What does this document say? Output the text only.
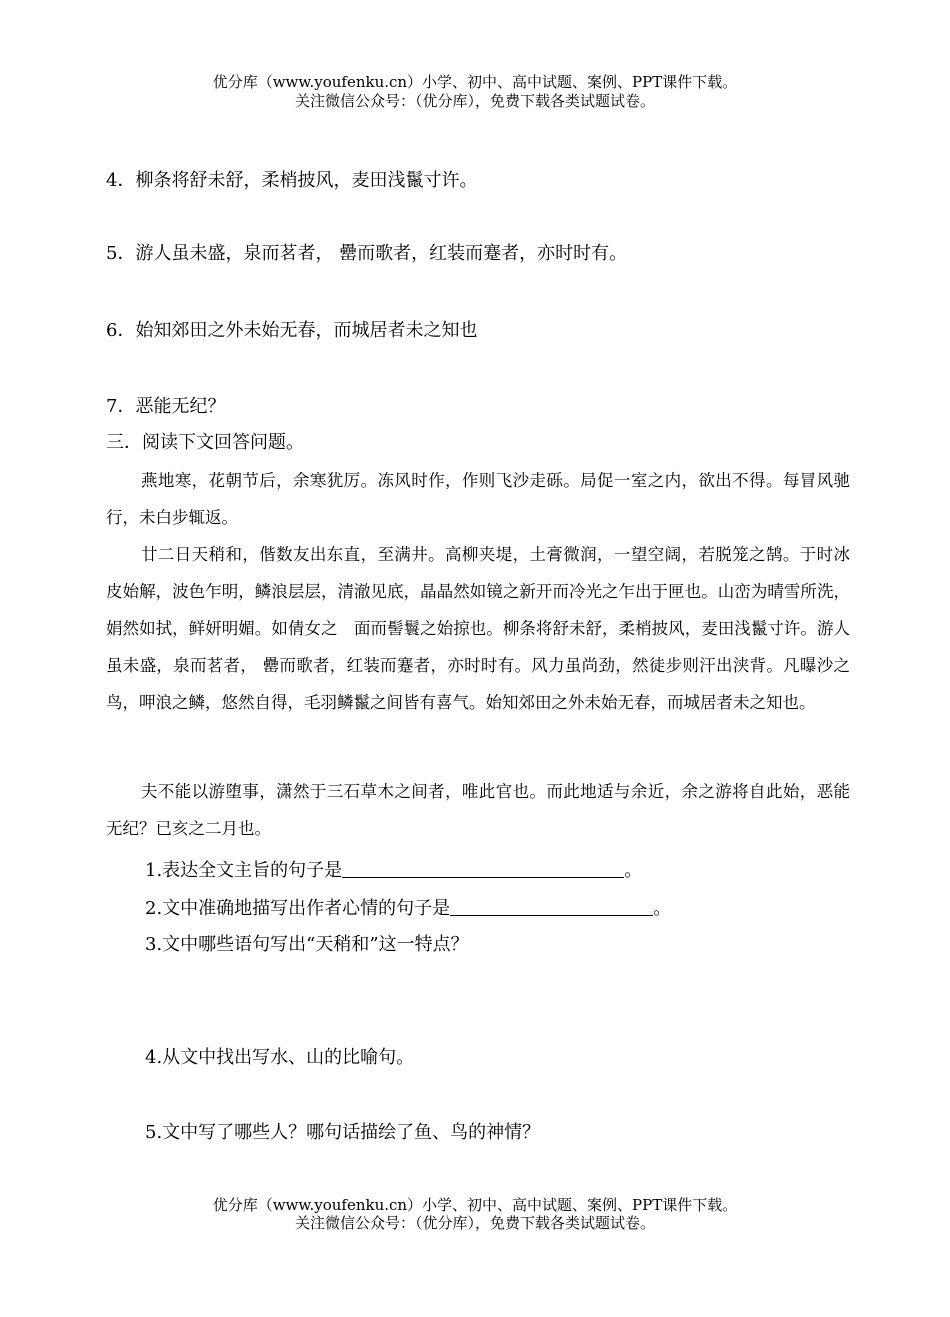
优分库（www.youfenku.cn）小学、初中、高中试题、案例、PPT课件下载。
关注微信公众号：（优分库），免费下载各类试题试卷。
4．柳条将舒未舒，柔梢披风，麦田浅鬣寸许。
5．游人虽未盛，泉而茗者， 罍而歌者，红装而蹇者，亦时时有。
6．始知郊田之外未始无春，而城居者未之知也
7．恶能无纪？
三．阅读下文回答问题。
燕地寒，花朝节后，余寒犹厉。冻风时作，作则飞沙走砾。局促一室之内，欲出不得。每冒风驰行，未白步辄返。
廿二日天稍和，偕数友出东直，至满井。高柳夹堤，土膏微润，一望空阔，若脱笼之鹄。于时冰皮始解，波色乍明，鳞浪层层，清澈见底，晶晶然如镜之新开而冷光之乍出于匣也。山峦为晴雪所洗，娟然如拭，鲜妍明媚。如倩女之　面而髻鬟之始掠也。柳条将舒未舒，柔梢披风，麦田浅鬣寸许。游人虽未盛，泉而茗者， 罍而歌者，红装而蹇者，亦时时有。风力虽尚劲，然徒步则汗出浃背。凡曝沙之鸟，呷浪之鳞，悠然自得，毛羽鳞鬣之间皆有喜气。始知郊田之外未始无春，而城居者未之知也。
夫不能以游堕事，潇然于三石草木之间者，唯此官也。而此地适与余近，余之游将自此始，恶能无纪？已亥之二月也。
1.表达全文主旨的句子是	。
2.文中准确地描写出作者心情的句子是	。
3.文中哪些语句写出“天稍和”这一特点？
4.从文中找出写水、山的比喻句。
5.文中写了哪些人？哪句话描绘了鱼、鸟的神情？
优分库（www.youfenku.cn）小学、初中、高中试题、案例、PPT课件下载。
关注微信公众号：（优分库），免费下载各类试题试卷。
